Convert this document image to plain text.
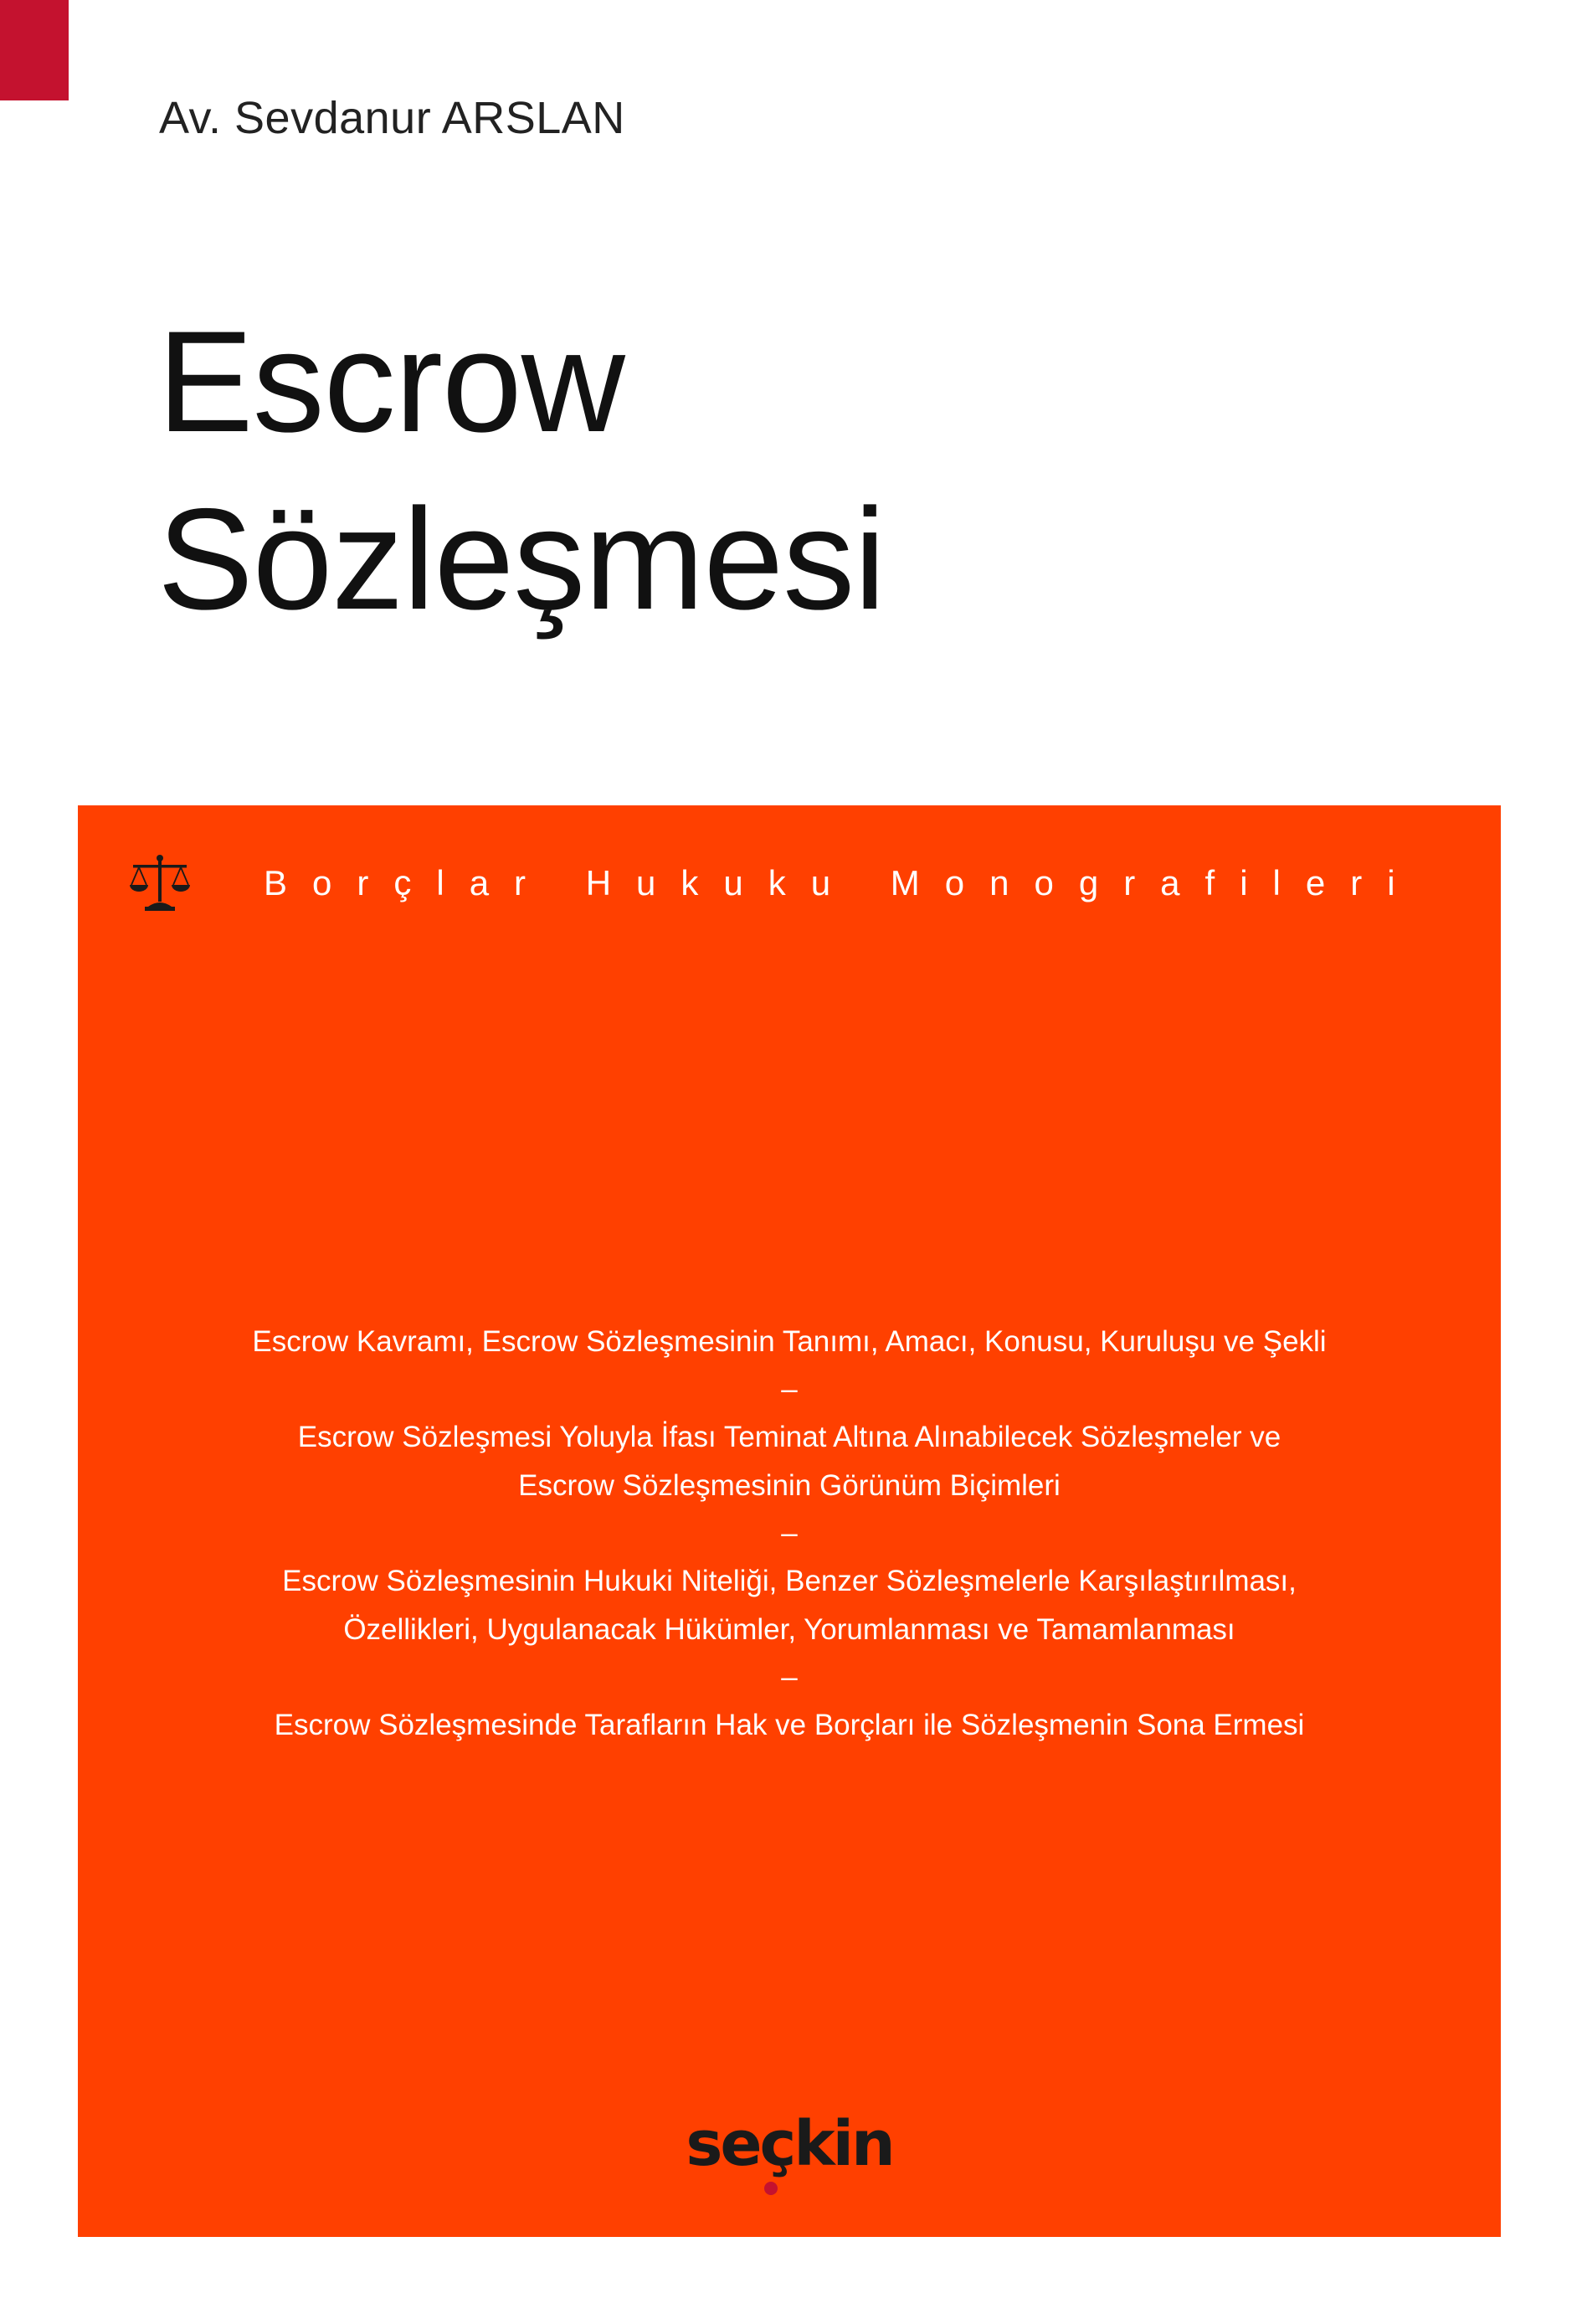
Av. Sevdanur ARSLAN
Escrow
Sözleşmesi
Borçlar Hukuku Monografileri
Escrow Kavramı, Escrow Sözleşmesinin Tanımı, Amacı, Konusu, Kuruluşu ve Şekli
–
Escrow Sözleşmesi Yoluyla İfası Teminat Altına Alınabilecek Sözleşmeler ve
Escrow Sözleşmesinin Görünüm Biçimleri
–
Escrow Sözleşmesinin Hukuki Niteliği, Benzer Sözleşmelerle Karşılaştırılması,
Özellikleri, Uygulanacak Hükümler, Yorumlanması ve Tamamlanması
–
Escrow Sözleşmesinde Tarafların Hak ve Borçları ile Sözleşmenin Sona Ermesi
seçkin
